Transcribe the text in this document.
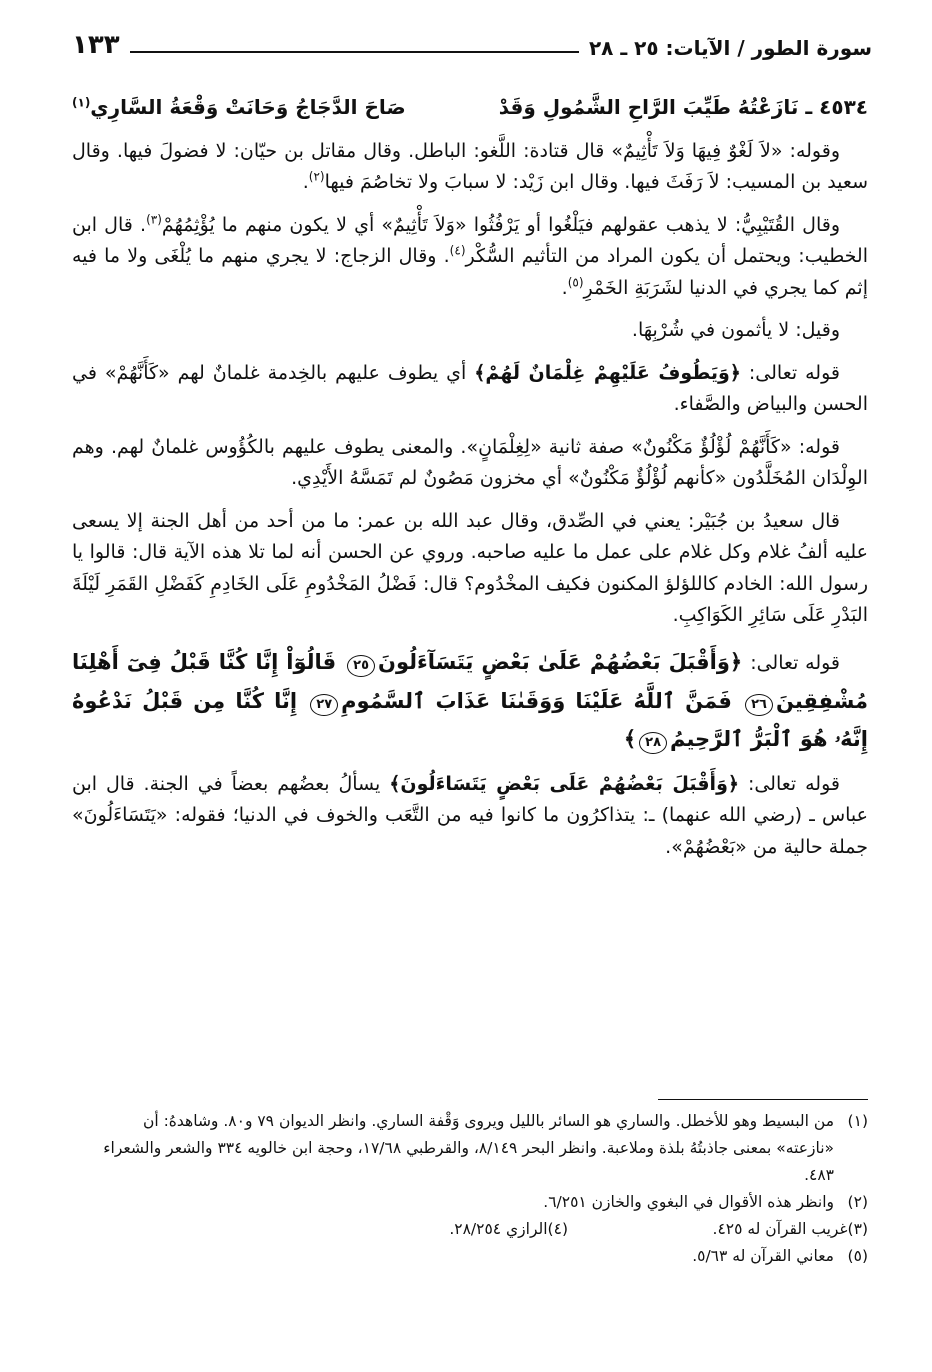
سورة الطور / الآيات: ٢٥ ـ ٢٨
١٣٣
٤٥٣٤ ـ نَازَعْتُهُ طَيِّبَ الرَّاحِ الشَّمُولِ وَقَدْ
صَاحَ الدَّجَاجُ وَحَانَتْ وَقْعَةُ السَّارِي$^{(١)}$

وقوله: «لاَ لَغْوٌ فِيهَا وَلاَ تَأْثِيمٌ» قال قتادة: اللَّغو: الباطل. وقال مقاتل بن حيّان: لا فضولَ فيها. وقال سعيد بن المسيب: لاَ رَفَثَ فيها. وقال ابن زَيْد: لا سبابَ ولا تخاصُمَ فيها$^{(٢)}$.

وقال القُتَيْبِيُّ: لا يذهب عقولهم فيَلْغُوا أو يَرْفُثُوا «وَلاَ تَأْثِيمٌ» أي لا يكون منهم ما يُؤْثِمُهُمْ$^{(٣)}$. قال ابن الخطيب: ويحتمل أن يكون المراد من التأثيم السُّكْر$^{(٤)}$. وقال الزجاج: لا يجري منهم ما يُلْغَى ولا ما فيه إثم كما يجري في الدنيا لشَرَبَةِ الخَمْرِ$^{(٥)}$.

وقيل: لا يأثمون في شُرْبِهَا.

قوله تعالى: ﴿وَيَطُوفُ عَلَيْهِمْ غِلْمَانٌ لَهُمْ﴾ أي يطوف عليهم بالخِدمة غلمانٌ لهم «كَأَنَّهُمْ» في الحسن والبياض والصَّفاء.

قوله: «كَأَنَّهُمْ لُؤْلُؤٌ مَكْنُونٌ» صفة ثانية «لِغِلْمَانٍ». والمعنى يطوف عليهم بالكُؤُوس غلمانٌ لهم. وهم الوِلْدَان المُخَلَّدُون «كأنهم لُؤْلُؤٌ مَكْنُونٌ» أي مخزون مَصُونٌ لم تَمَسَّهُ الأَيْدِي.

قال سعيدُ بن جُبَيْر: يعني في الصِّدق، وقال عبد الله بن عمر: ما من أحد من أهل الجنة إلا يسعى عليه ألفُ غلام وكل غلام على عمل ما عليه صاحبه. وروي عن الحسن أنه لما تلا هذه الآية قال: قالوا يا رسول الله: الخادم كاللؤلؤ المكنون فكيف المخْدُوم؟ قال: فَضْلُ المَخْدُومِ عَلَى الخَادِمِ كَفَضْلِ القَمَرِ لَيْلَةَ البَدْرِ عَلَى سَائِرِ الكَوَاكِبِ.

قوله تعالى: ﴿وَأَقْبَلَ بَعْضُهُمْ عَلَىٰ بَعْضٍ يَتَسَآءَلُونَ٢٥ قَالُوٓاْ إِنَّا كُنَّا قَبْلُ فِىٓ أَهْلِنَا مُشْفِقِينَ٢٦ فَمَنَّ ٱللَّهُ عَلَيْنَا وَوَقَىٰنَا عَذَابَ ٱلسَّمُومِ٢٧ إِنَّا كُنَّا مِن قَبْلُ نَدْعُوهُ إِنَّهُۥ هُوَ ٱلْبَرُّ ٱلرَّحِيمُ٢٨﴾

قوله تعالى: ﴿وَأَقْبَلَ بَعْضُهُمْ عَلَى بَعْضٍ يَتَسَاءَلُونَ﴾ يسألُ بعضُهم بعضاً في الجنة. قال ابن عباس ـ (رضي الله عنهما) ـ: يتذاكرُون ما كانوا فيه من التَّعَب والخوف في الدنيا؛ فقوله: «يَتَسَاءَلُونَ» جملة حالية من «بَعْضُهُمْ».

(١)
من البسيط وهو للأخطل. والساري هو السائر بالليل ويروى وَقْفة الساري. وانظر الديوان ٧٩ و٨٠. وشاهدهُ: أن «نازعته» بمعنى جاذبتُهُ بلذة وملاعبة. وانظر البحر ٨/١٤٩، والقرطبي ١٧/٦٨، وحجة ابن خالويه ٣٣٤ والشعر والشعراء ٤٨٣.
(٢)
وانظر هذه الأقوال في البغوي والخازن ٦/٢٥١.
(٣)
غريب القرآن له ٤٢٥.
(٤)
الرازي ٢٨/٢٥٤.
(٥)
معاني القرآن له ٥/٦٣.
